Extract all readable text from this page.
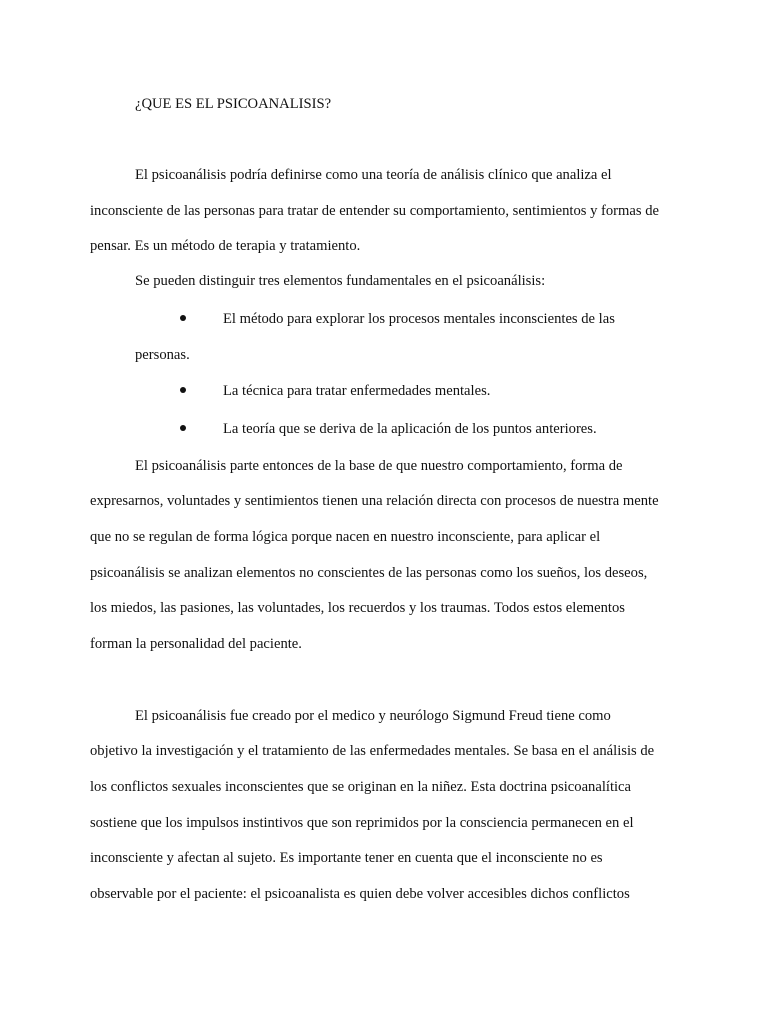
¿QUE ES EL PSICOANALISIS?
El psicoanálisis podría definirse como una teoría de análisis clínico que analiza el
inconsciente de las personas para tratar de entender su comportamiento, sentimientos y formas de
pensar. Es un método de terapia y tratamiento.
Se pueden distinguir tres elementos fundamentales en el psicoanálisis:
El método para explorar los procesos mentales inconscientes de las
personas.
La técnica para tratar enfermedades mentales.
La teoría que se deriva de la aplicación de los puntos anteriores.
El psicoanálisis parte entonces de la base de que nuestro comportamiento, forma de
expresarnos, voluntades y sentimientos tienen una relación directa con procesos de nuestra mente
que no se regulan de forma lógica porque nacen en nuestro inconsciente, para aplicar el
psicoanálisis se analizan elementos no conscientes de las personas como los sueños, los deseos,
los miedos, las pasiones, las voluntades, los recuerdos y los traumas. Todos estos elementos
forman la personalidad del paciente.
El psicoanálisis fue creado por el medico y neurólogo Sigmund Freud tiene como
objetivo la investigación y el tratamiento de las enfermedades mentales. Se basa en el análisis de
los conflictos sexuales inconscientes que se originan en la niñez. Esta doctrina psicoanalítica
sostiene que los impulsos instintivos que son reprimidos por la consciencia permanecen en el
inconsciente y afectan al sujeto. Es importante tener en cuenta que el inconsciente no es
observable por el paciente: el psicoanalista es quien debe volver accesibles dichos conflictos
